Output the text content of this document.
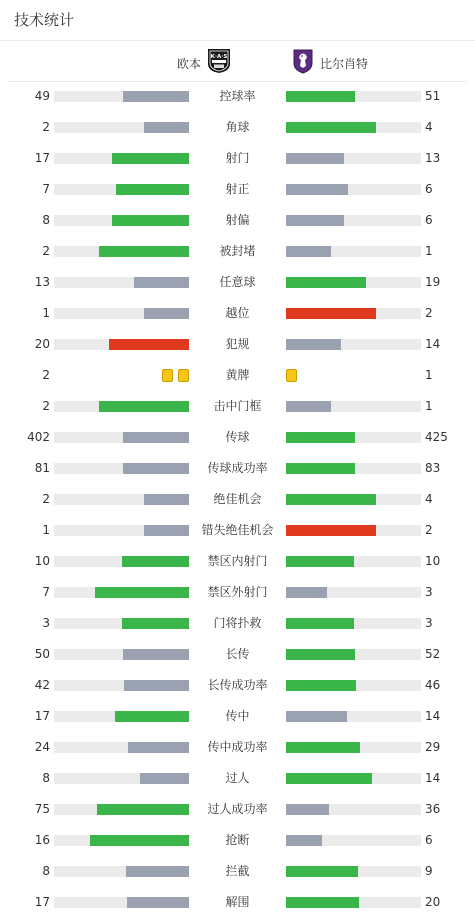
技术统计
欧本 K·A·S	比尔肖特
49	控球率	51
2	角球	4
17	射门	13
7	射正	6
8	射偏	6
2	被封堵	1
13	任意球	19
1	越位	2
20	犯规	14
2	黄牌	1
2	击中门框	1
402	传球	425
81	传球成功率	83
2	绝佳机会	4
1	错失绝佳机会	2
10	禁区内射门	10
7	禁区外射门	3
3	门将扑救	3
50	长传	52
42	长传成功率	46
17	传中	14
24	传中成功率	29
8	过人	14
75	过人成功率	36
16	抢断	6
8	拦截	9
17	解围	20
